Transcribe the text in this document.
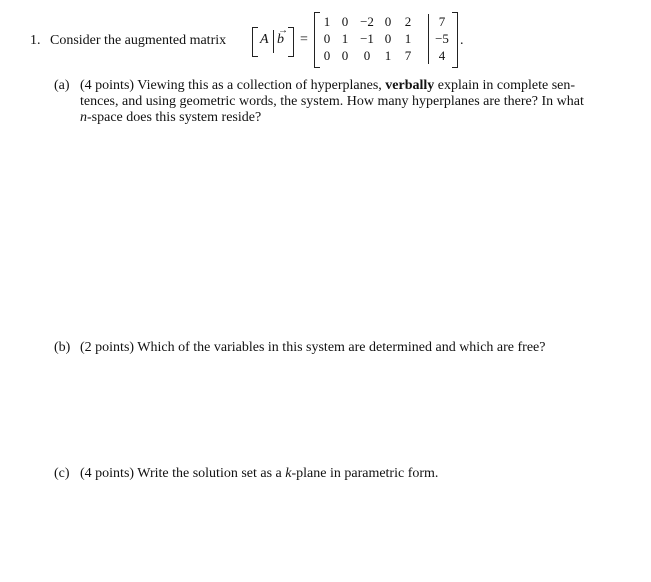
1. Consider the augmented matrix A
→
b =
1 0 −2 0	2	7
0 1 −1 0	1	−5
0 0	0	1	7	4
.
(a) (4 points) Viewing this as a collection of hyperplanes, verbally explain in complete sen-
tences, and using geometric words, the system. How many hyperplanes are there? In what
n-space does this system reside?
(b) (2 points) Which of the variables in this system are determined and which are free?
(c) (4 points) Write the solution set as a k-plane in parametric form.
